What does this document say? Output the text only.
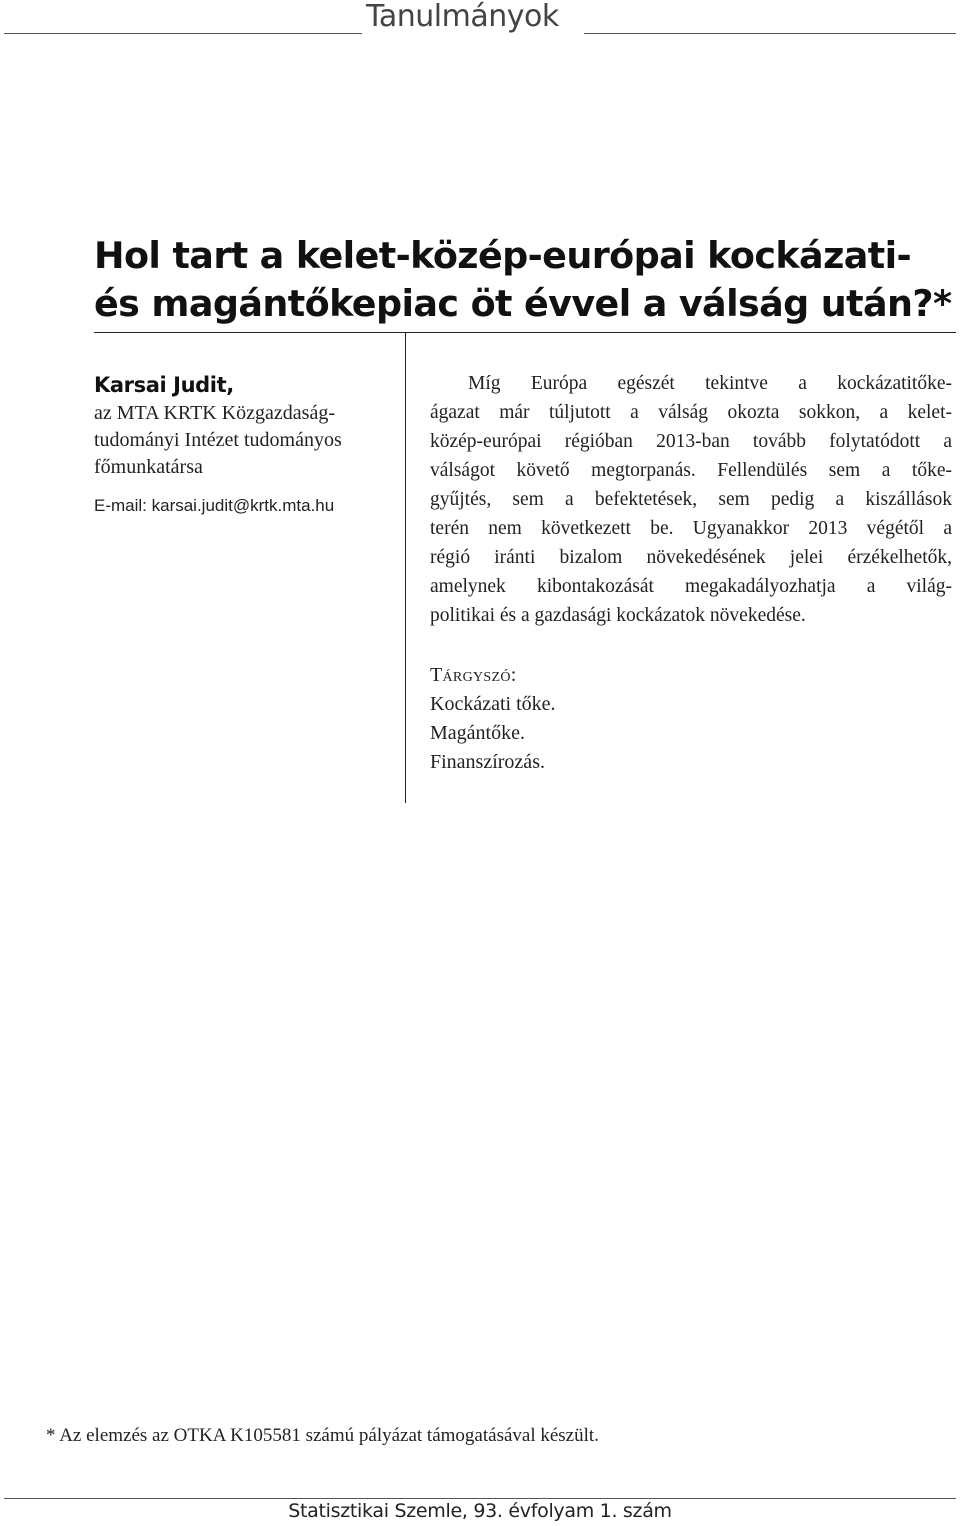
Tanulmányok
Hol tart a kelet-közép-európai kockázati-
és magántőkepiac öt évvel a válság után?*
Karsai Judit,
az MTA KRTK Közgazdaság-
tudományi Intézet tudományos
főmunkatársa
E-mail: karsai.judit@krtk.mta.hu
Míg Európa egészét tekintve a kockázatitőke-
ágazat már túljutott a válság okozta sokkon, a kelet-
közép-európai régióban 2013-ban tovább folytatódott a
válságot követő megtorpanás. Fellendülés sem a tőke-
gyűjtés, sem a befektetések, sem pedig a kiszállások
terén nem következett be. Ugyanakkor 2013 végétől a
régió iránti bizalom növekedésének jelei érzékelhetők,
amelynek kibontakozását megakadályozhatja a világ-
politikai és a gazdasági kockázatok növekedése.
Tárgyszó:
Kockázati tőke.
Magántőke.
Finanszírozás.
* Az elemzés az OTKA K105581 számú pályázat támogatásával készült.
Statisztikai Szemle, 93. évfolyam 1. szám
